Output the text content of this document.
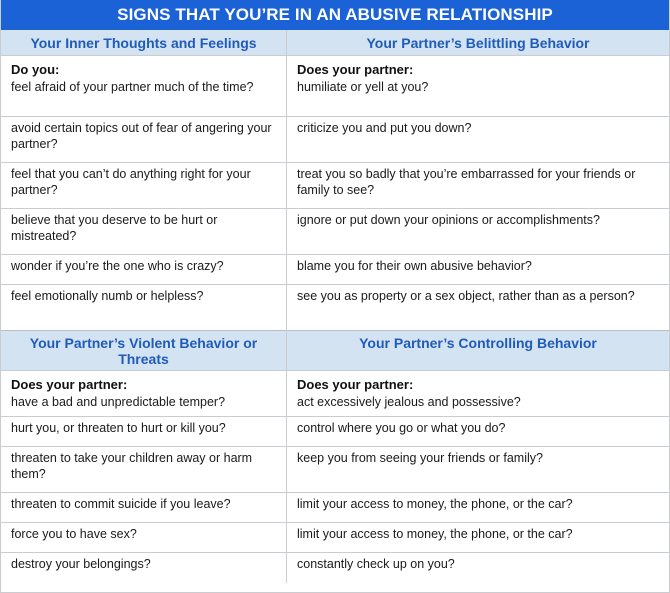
SIGNS THAT YOU’RE IN AN ABUSIVE RELATIONSHIP
Your Inner Thoughts and Feelings
Do you:
feel afraid of your partner much of the time?
avoid certain topics out of fear of angering your partner?
feel that you can’t do anything right for your partner?
believe that you deserve to be hurt or mistreated?
wonder if you’re the one who is crazy?
feel emotionally numb or helpless?
Your Partner’s Belittling Behavior
Does your partner:
humiliate or yell at you?
criticize you and put you down?
treat you so badly that you’re embarrassed for your friends or family to see?
ignore or put down your opinions or accomplishments?
blame you for their own abusive behavior?
see you as property or a sex object, rather than as a person?
Your Partner’s Violent Behavior or Threats
Does your partner:
have a bad and unpredictable temper?
hurt you, or threaten to hurt or kill you?
threaten to take your children away or harm them?
threaten to commit suicide if you leave?
force you to have sex?
destroy your belongings?
Your Partner’s Controlling Behavior
Does your partner:
act excessively jealous and possessive?
control where you go or what you do?
keep you from seeing your friends or family?
limit your access to money, the phone, or the car?
limit your access to money, the phone, or the car?
constantly check up on you?
